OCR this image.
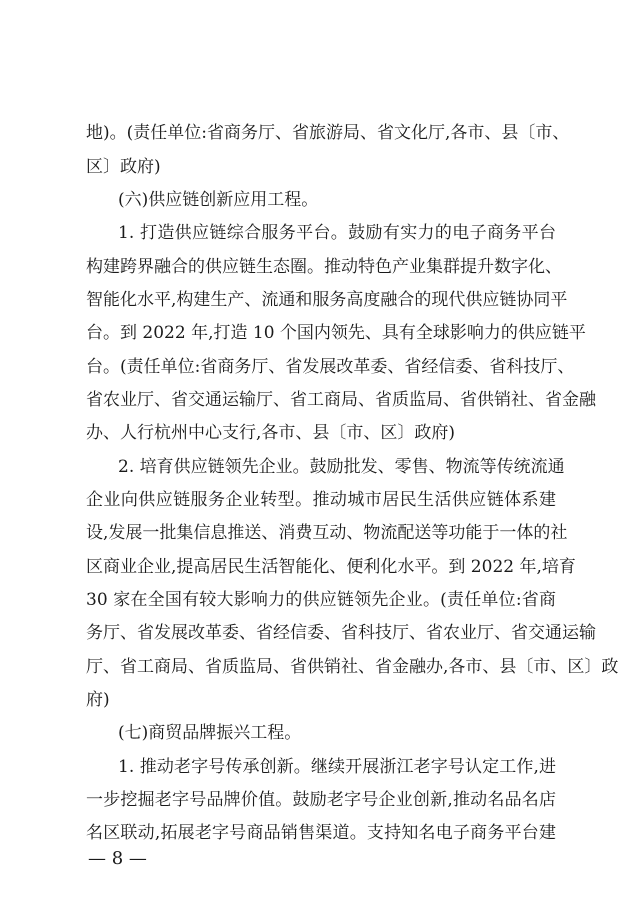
地)。(责任单位:省商务厅、省旅游局、省文化厅,各市、县〔市、
区〕政府)
(六)供应链创新应用工程。
1. 打造供应链综合服务平台。鼓励有实力的电子商务平台
构建跨界融合的供应链生态圈。推动特色产业集群提升数字化、
智能化水平,构建生产、流通和服务高度融合的现代供应链协同平
台。到 2022 年,打造 10 个国内领先、具有全球影响力的供应链平
台。(责任单位:省商务厅、省发展改革委、省经信委、省科技厅、
省农业厅、省交通运输厅、省工商局、省质监局、省供销社、省金融
办、人行杭州中心支行,各市、县〔市、区〕政府)
2. 培育供应链领先企业。鼓励批发、零售、物流等传统流通
企业向供应链服务企业转型。推动城市居民生活供应链体系建
设,发展一批集信息推送、消费互动、物流配送等功能于一体的社
区商业企业,提高居民生活智能化、便利化水平。到 2022 年,培育
30 家在全国有较大影响力的供应链领先企业。(责任单位:省商
务厅、省发展改革委、省经信委、省科技厅、省农业厅、省交通运输
厅、省工商局、省质监局、省供销社、省金融办,各市、县〔市、区〕政
府)
(七)商贸品牌振兴工程。
1. 推动老字号传承创新。继续开展浙江老字号认定工作,进
一步挖掘老字号品牌价值。鼓励老字号企业创新,推动名品名店
名区联动,拓展老字号商品销售渠道。支持知名电子商务平台建
— 8 —
